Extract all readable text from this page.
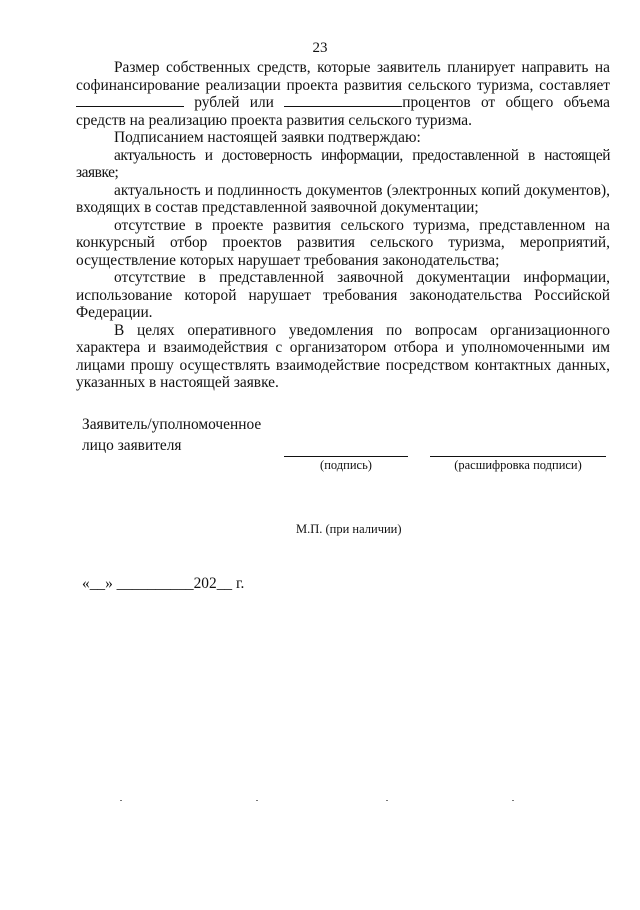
23

Размер собственных средств, которые заявитель планирует направить на софинансирование реализации проекта развития сельского туризма, составляет  рублей или	процентов от общего объема средств на реализацию проекта развития сельского туризма.

Подписанием настоящей заявки подтверждаю:

актуальность и достоверность информации, предоставленной в настоящей заявке;

актуальность и подлинность документов (электронных копий документов), входящих в состав представленной заявочной документации;

отсутствие в проекте развития сельского туризма, представленном на конкурсный отбор проектов развития сельского туризма, мероприятий, осуществление которых нарушает требования законодательства;

отсутствие в представленной заявочной документации информации, использование которой нарушает требования законодательства Российской Федерации.

В целях оперативного уведомления по вопросам организационного характера и взаимодействия с организатором отбора и уполномоченными им лицами прошу осуществлять взаимодействие посредством контактных данных, указанных в настоящей заявке.

Заявитель/уполномоченное
лицо заявителя
(подпись)	(расшифровка подписи)
М.П. (при наличии)
«__» __________202__ г.
